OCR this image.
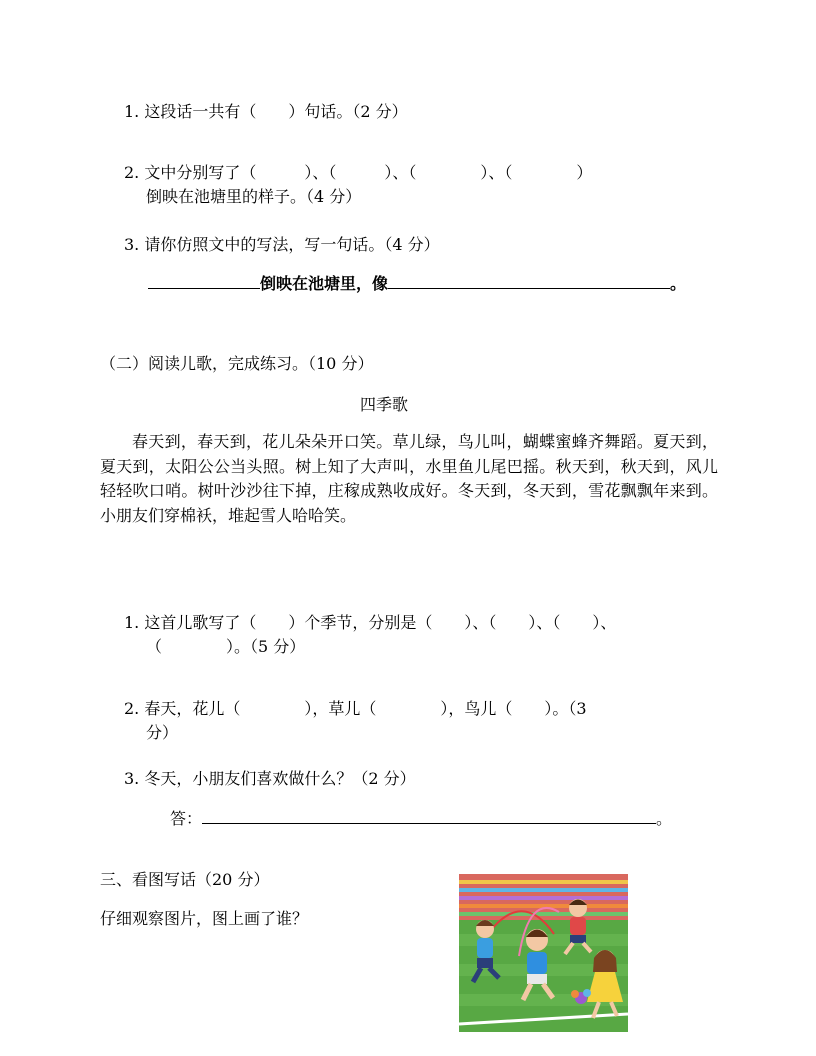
1. 这段话一共有（　　）句话。（2 分）
2. 文中分别写了（　　　）、（　　　）、（　　　　）、（　　　　）
倒映在池塘里的样子。（4 分）
3. 请你仿照文中的写法，写一句话。（4 分）
倒映在池塘里，像	。
（二）阅读儿歌，完成练习。（10 分）
四季歌
春天到，春天到，花儿朵朵开口笑。草儿绿，鸟儿叫，蝴蝶蜜蜂齐舞蹈。夏天到，夏天到，太阳公公当头照。树上知了大声叫，水里鱼儿尾巴摇。秋天到，秋天到，风儿轻轻吹口哨。树叶沙沙往下掉，庄稼成熟收成好。冬天到，冬天到，雪花飘飘年来到。小朋友们穿棉袄，堆起雪人哈哈笑。
1. 这首儿歌写了（　　）个季节，分别是（　　）、（　　）、（　　）、
（　　　　）。（5 分）
2. 春天，花儿（　　　　），草儿（　　　　），鸟儿（　　）。（3
分）
3. 冬天，小朋友们喜欢做什么？（2 分）
答：	。
三、看图写话（20 分）
仔细观察图片，图上画了谁？
